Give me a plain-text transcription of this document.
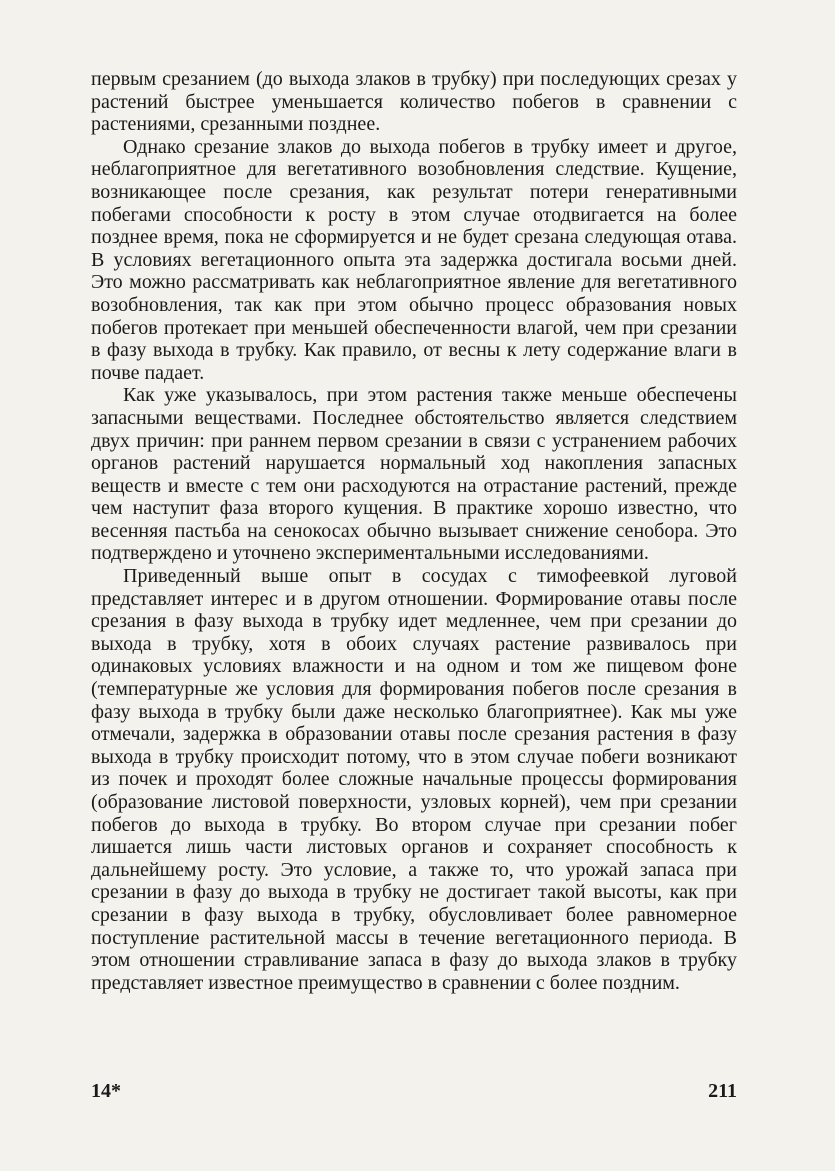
первым срезанием (до выхода злаков в трубку) при последующих срезах у растений быстрее уменьшается количество побегов в сравнении с растениями, срезанными позднее.

Однако срезание злаков до выхода побегов в трубку имеет и другое, неблагоприятное для вегетативного возобновления следствие. Кущение, возникающее после срезания, как результат потери генеративными побегами способности к росту в этом случае отодвигается на более позднее время, пока не сформируется и не будет срезана следующая отава. В условиях вегетационного опыта эта задержка достигала восьми дней. Это можно рассматривать как неблагоприятное явление для вегетативного возобновления, так как при этом обычно процесс образования новых побегов протекает при меньшей обеспеченности влагой, чем при срезании в фазу выхода в трубку. Как правило, от весны к лету содержание влаги в почве падает.

Как уже указывалось, при этом растения также меньше обеспечены запасными веществами. Последнее обстоятельство является следствием двух причин: при раннем первом срезании в связи с устранением рабочих органов растений нарушается нормальный ход накопления запасных веществ и вместе с тем они расходуются на отрастание растений, прежде чем наступит фаза второго кущения. В практике хорошо известно, что весенняя пастьба на сенокосах обычно вызывает снижение сенобора. Это подтверждено и уточнено экспериментальными исследованиями.

Приведенный выше опыт в сосудах с тимофеевкой луговой представляет интерес и в другом отношении. Формирование отавы после срезания в фазу выхода в трубку идет медленнее, чем при срезании до выхода в трубку, хотя в обоих случаях растение развивалось при одинаковых условиях влажности и на одном и том же пищевом фоне (температурные же условия для формирования побегов после срезания в фазу выхода в трубку были даже несколько благоприятнее). Как мы уже отмечали, задержка в образовании отавы после срезания растения в фазу выхода в трубку происходит потому, что в этом случае побеги возникают из почек и проходят более сложные начальные процессы формирования (образование листовой поверхности, узловых корней), чем при срезании побегов до выхода в трубку. Во втором случае при срезании побег лишается лишь части листовых органов и сохраняет способность к дальнейшему росту. Это условие, а также то, что урожай запаса при срезании в фазу до выхода в трубку не достигает такой высоты, как при срезании в фазу выхода в трубку, обусловливает более равномерное поступление растительной массы в течение вегетационного периода. В этом отношении стравливание запаса в фазу до выхода злаков в трубку представляет известное преимущество в сравнении с более поздним.

14*	211
